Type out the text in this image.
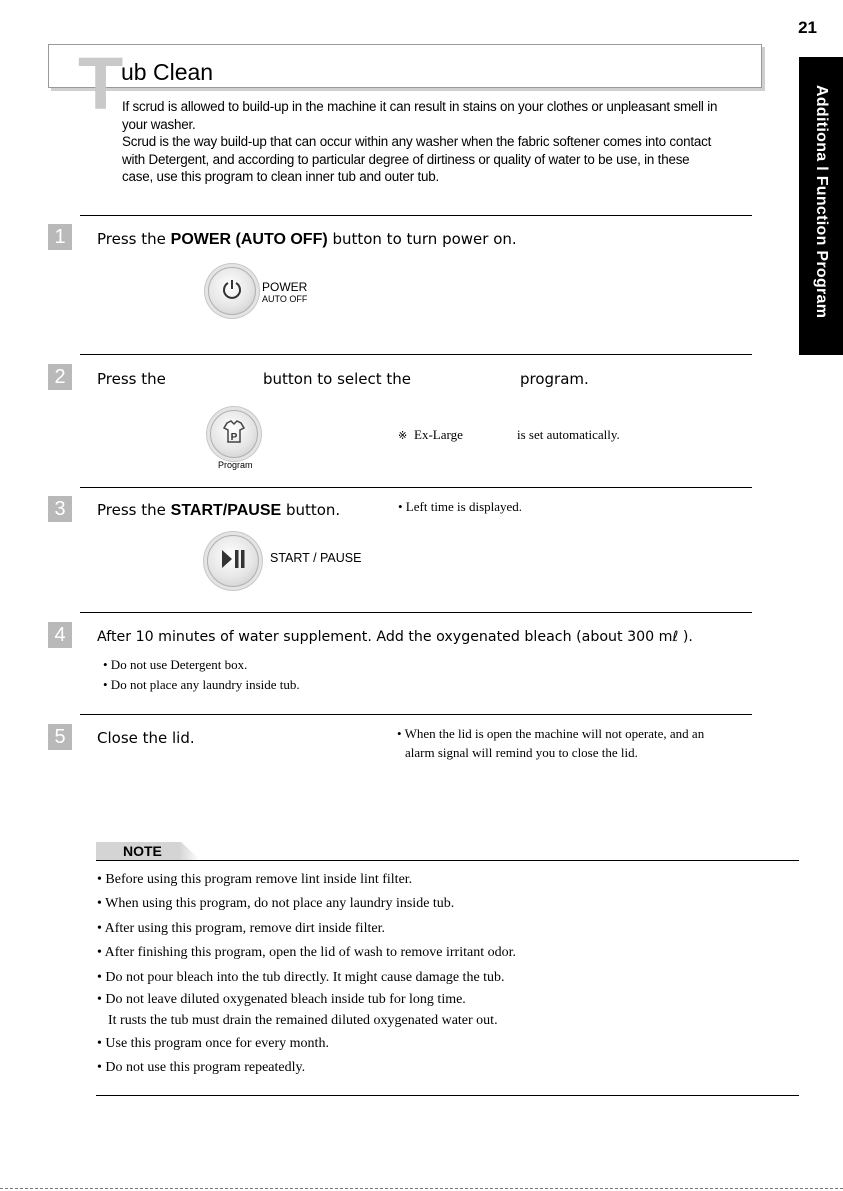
21
Additiona l Function Program
T
ub Clean

If scrud is allowed to build-up in the machine it can result in stains on your clothes or unpleasant smell in

your washer.

Scrud is the way build-up that can occur within any washer when the fabric softener comes into contact

with Detergent, and according to particular degree of dirtiness or quality of water to be use, in these

case, use this program to clean inner tub and outer tub.

1	Press the POWER (AUTO OFF) button to turn power on.
POWER
AUTO OFF
2	Press the	button to select the	program.
P
Program
※ Ex-Large	is set automatically.
3	Press the START/PAUSE button.	• Left time is displayed.
START / PAUSE
4	After 10 minutes of water supplement. Add the oxygenated bleach (about 300 mℓ ).
• Do not use Detergent box.
• Do not place any laundry inside tub.
5	Close the lid.	• When the lid is open the machine will not operate, and an
alarm signal will remind you to close the lid.
NOTE

• Before using this program remove lint inside lint filter.

• When using this program, do not place any laundry inside tub.

• After using this program, remove dirt inside filter.

• After finishing this program, open the lid of wash to remove irritant odor.

• Do not pour bleach into the tub directly. It might cause damage the tub.

• Do not leave diluted oxygenated bleach inside tub for long time.

It rusts the tub must drain the remained diluted oxygenated water out.

• Use this program once for every month.

• Do not use this program repeatedly.
